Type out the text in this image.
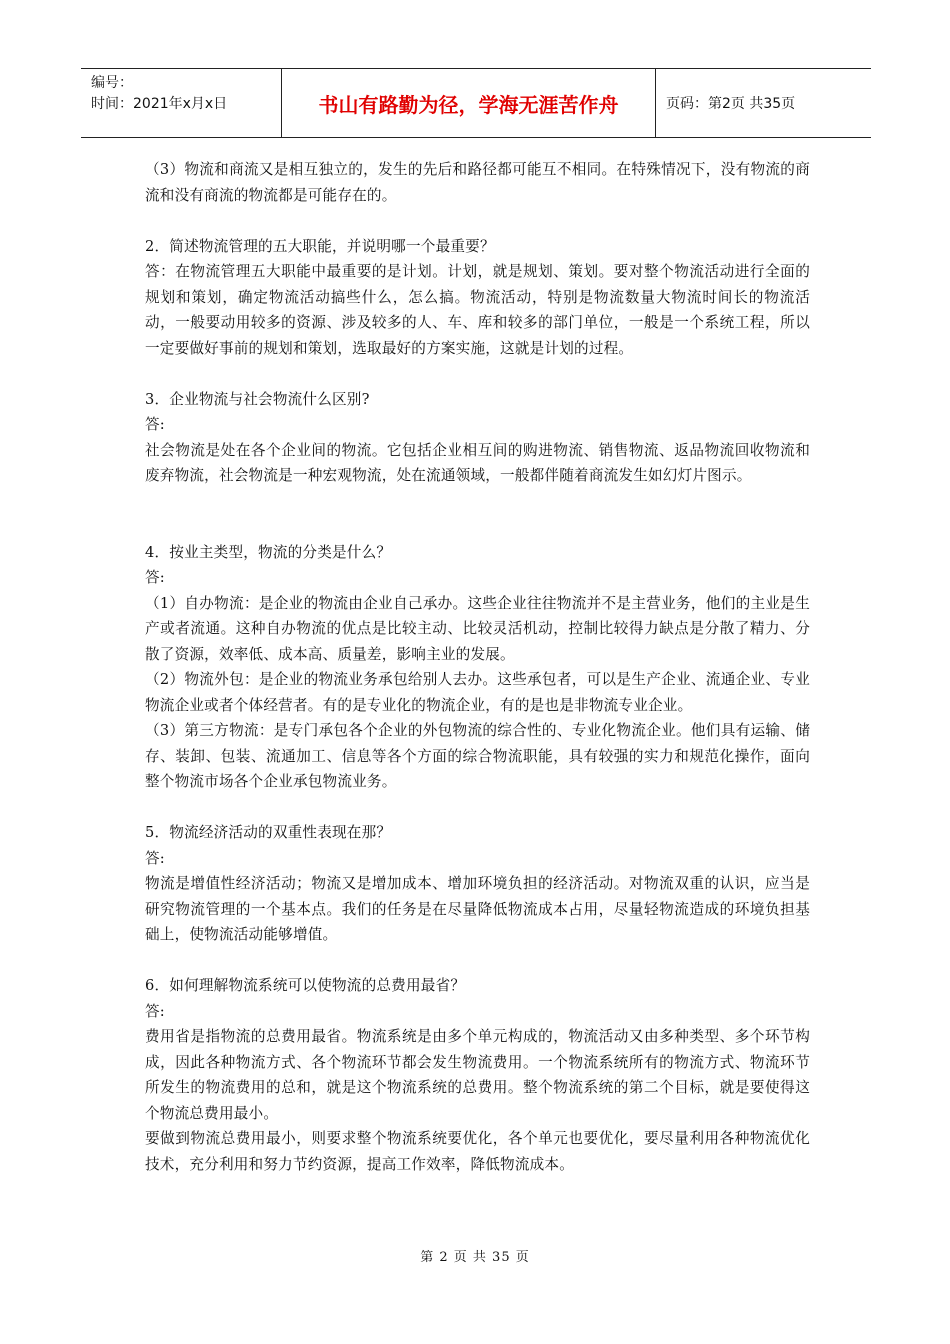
编号：
时间：2021年x月x日	书山有路勤为径，学海无涯苦作舟	页码：第2页 共35页

（3）物流和商流又是相互独立的，发生的先后和路径都可能互不相同。在特殊情况下，没有物流的商流和没有商流的物流都是可能存在的。

2．简述物流管理的五大职能，并说明哪一个最重要？

答：在物流管理五大职能中最重要的是计划。计划，就是规划、策划。要对整个物流活动进行全面的规划和策划，确定物流活动搞些什么，怎么搞。物流活动，特别是物流数量大物流时间长的物流活动，一般要动用较多的资源、涉及较多的人、车、库和较多的部门单位，一般是一个系统工程，所以一定要做好事前的规划和策划，选取最好的方案实施，这就是计划的过程。

3．企业物流与社会物流什么区别?

答:

社会物流是处在各个企业间的物流。它包括企业相互间的购进物流、销售物流、返品物流回收物流和废弃物流，社会物流是一种宏观物流，处在流通领域，一般都伴随着商流发生如幻灯片图示。

4．按业主类型，物流的分类是什么？

答:

（1）自办物流：是企业的物流由企业自己承办。这些企业往往物流并不是主营业务，他们的主业是生产或者流通。这种自办物流的优点是比较主动、比较灵活机动，控制比较得力缺点是分散了精力、分散了资源，效率低、成本高、质量差，影响主业的发展。

（2）物流外包：是企业的物流业务承包给别人去办。这些承包者，可以是生产企业、流通企业、专业物流企业或者个体经营者。有的是专业化的物流企业，有的是也是非物流专业企业。

（3）第三方物流：是专门承包各个企业的外包物流的综合性的、专业化物流企业。他们具有运输、储存、装卸、包装、流通加工、信息等各个方面的综合物流职能，具有较强的实力和规范化操作，面向整个物流市场各个企业承包物流业务。

5．物流经济活动的双重性表现在那？

答:

物流是增值性经济活动；物流又是增加成本、增加环境负担的经济活动。对物流双重的认识，应当是研究物流管理的一个基本点。我们的任务是在尽量降低物流成本占用，尽量轻物流造成的环境负担基础上，使物流活动能够增值。

6．如何理解物流系统可以使物流的总费用最省？

答:

费用省是指物流的总费用最省。物流系统是由多个单元构成的，物流活动又由多种类型、多个环节构成，因此各种物流方式、各个物流环节都会发生物流费用。一个物流系统所有的物流方式、物流环节所发生的物流费用的总和，就是这个物流系统的总费用。整个物流系统的第二个目标，就是要使得这个物流总费用最小。

要做到物流总费用最小，则要求整个物流系统要优化，各个单元也要优化，要尽量利用各种物流优化技术，充分利用和努力节约资源，提高工作效率，降低物流成本。

第 2 页 共 35 页
